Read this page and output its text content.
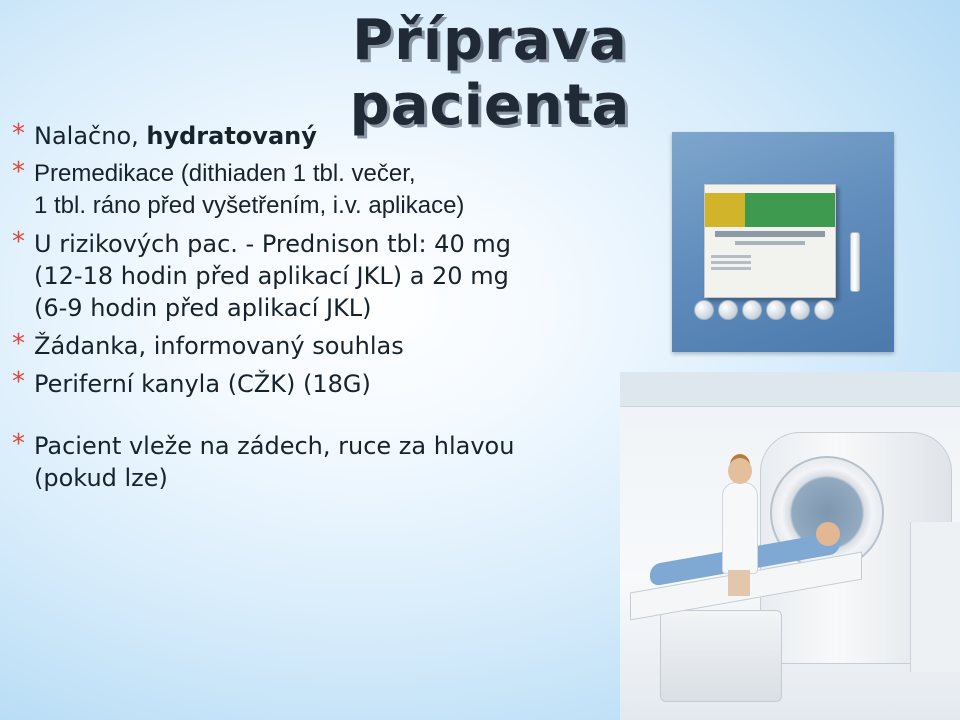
Příprava pacienta
* Nalačno, hydratovaný
* Premedikace (dithiaden 1 tbl. večer,
1 tbl. ráno před vyšetřením, i.v. aplikace)
* U rizikových pac. - Prednison tbl: 40 mg
(12-18 hodin před aplikací JKL) a 20 mg
(6-9 hodin před aplikací JKL)
* Žádanka, informovaný souhlas
* Periferní kanyla (CŽK) (18G)
* Pacient vleže na zádech, ruce za hlavou
(pokud lze)
